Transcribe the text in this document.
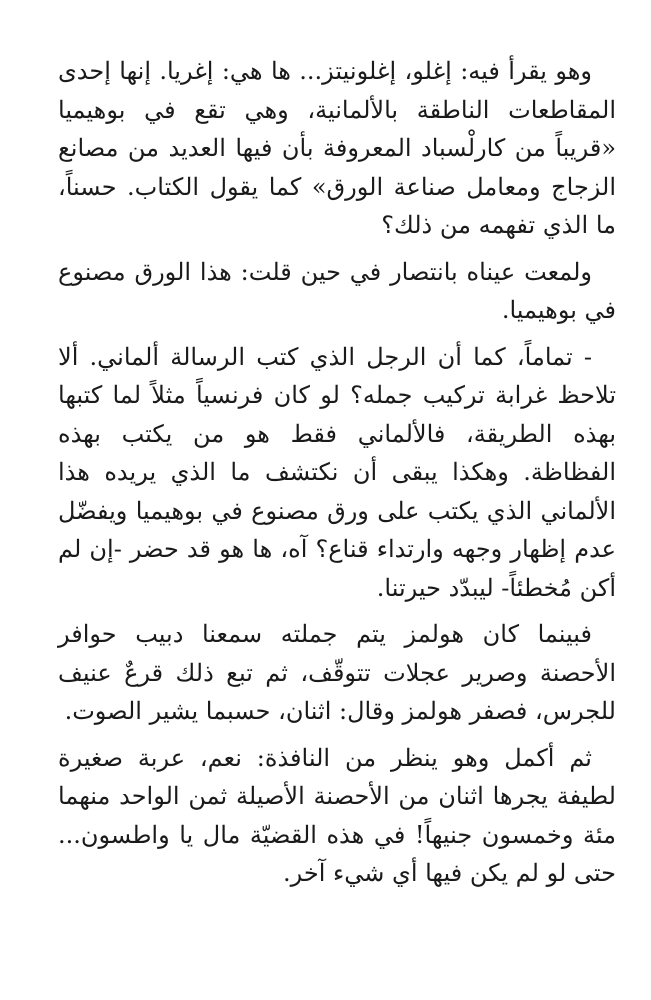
وهو يقرأ فيه: إغلو، إغلونيتز... ها هي: إغريا. إنها إحدى المقاطعات الناطقة بالألمانية، وهي تقع في بوهيميا «قريباً من كارلْسباد المعروفة بأن فيها العديد من مصانع الزجاج ومعامل صناعة الورق» كما يقول الكتاب. حسناً، ما الذي تفهمه من ذلك؟

ولمعت عيناه بانتصار في حين قلت: هذا الورق مصنوع في بوهيميا.

- تماماً، كما أن الرجل الذي كتب الرسالة ألماني. ألا تلاحظ غرابة تركيب جمله؟ لو كان فرنسياً مثلاً لما كتبها بهذه الطريقة، فالألماني فقط هو من يكتب بهذه الفظاظة. وهكذا يبقى أن نكتشف ما الذي يريده هذا الألماني الذي يكتب على ورق مصنوع في بوهيميا ويفضّل عدم إظهار وجهه وارتداء قناع؟ آه، ها هو قد حضر -إن لم أكن مُخطئاً- ليبدّد حيرتنا.

فبينما كان هولمز يتم جملته سمعنا دبيب حوافر الأحصنة وصرير عجلات تتوقّف، ثم تبع ذلك قرعٌ عنيف للجرس، فصفر هولمز وقال: اثنان، حسبما يشير الصوت.

ثم أكمل وهو ينظر من النافذة: نعم، عربة صغيرة لطيفة يجرها اثنان من الأحصنة الأصيلة ثمن الواحد منهما مئة وخمسون جنيهاً! في هذه القضيّة مال يا واطسون... حتى لو لم يكن فيها أي شيء آخر.
